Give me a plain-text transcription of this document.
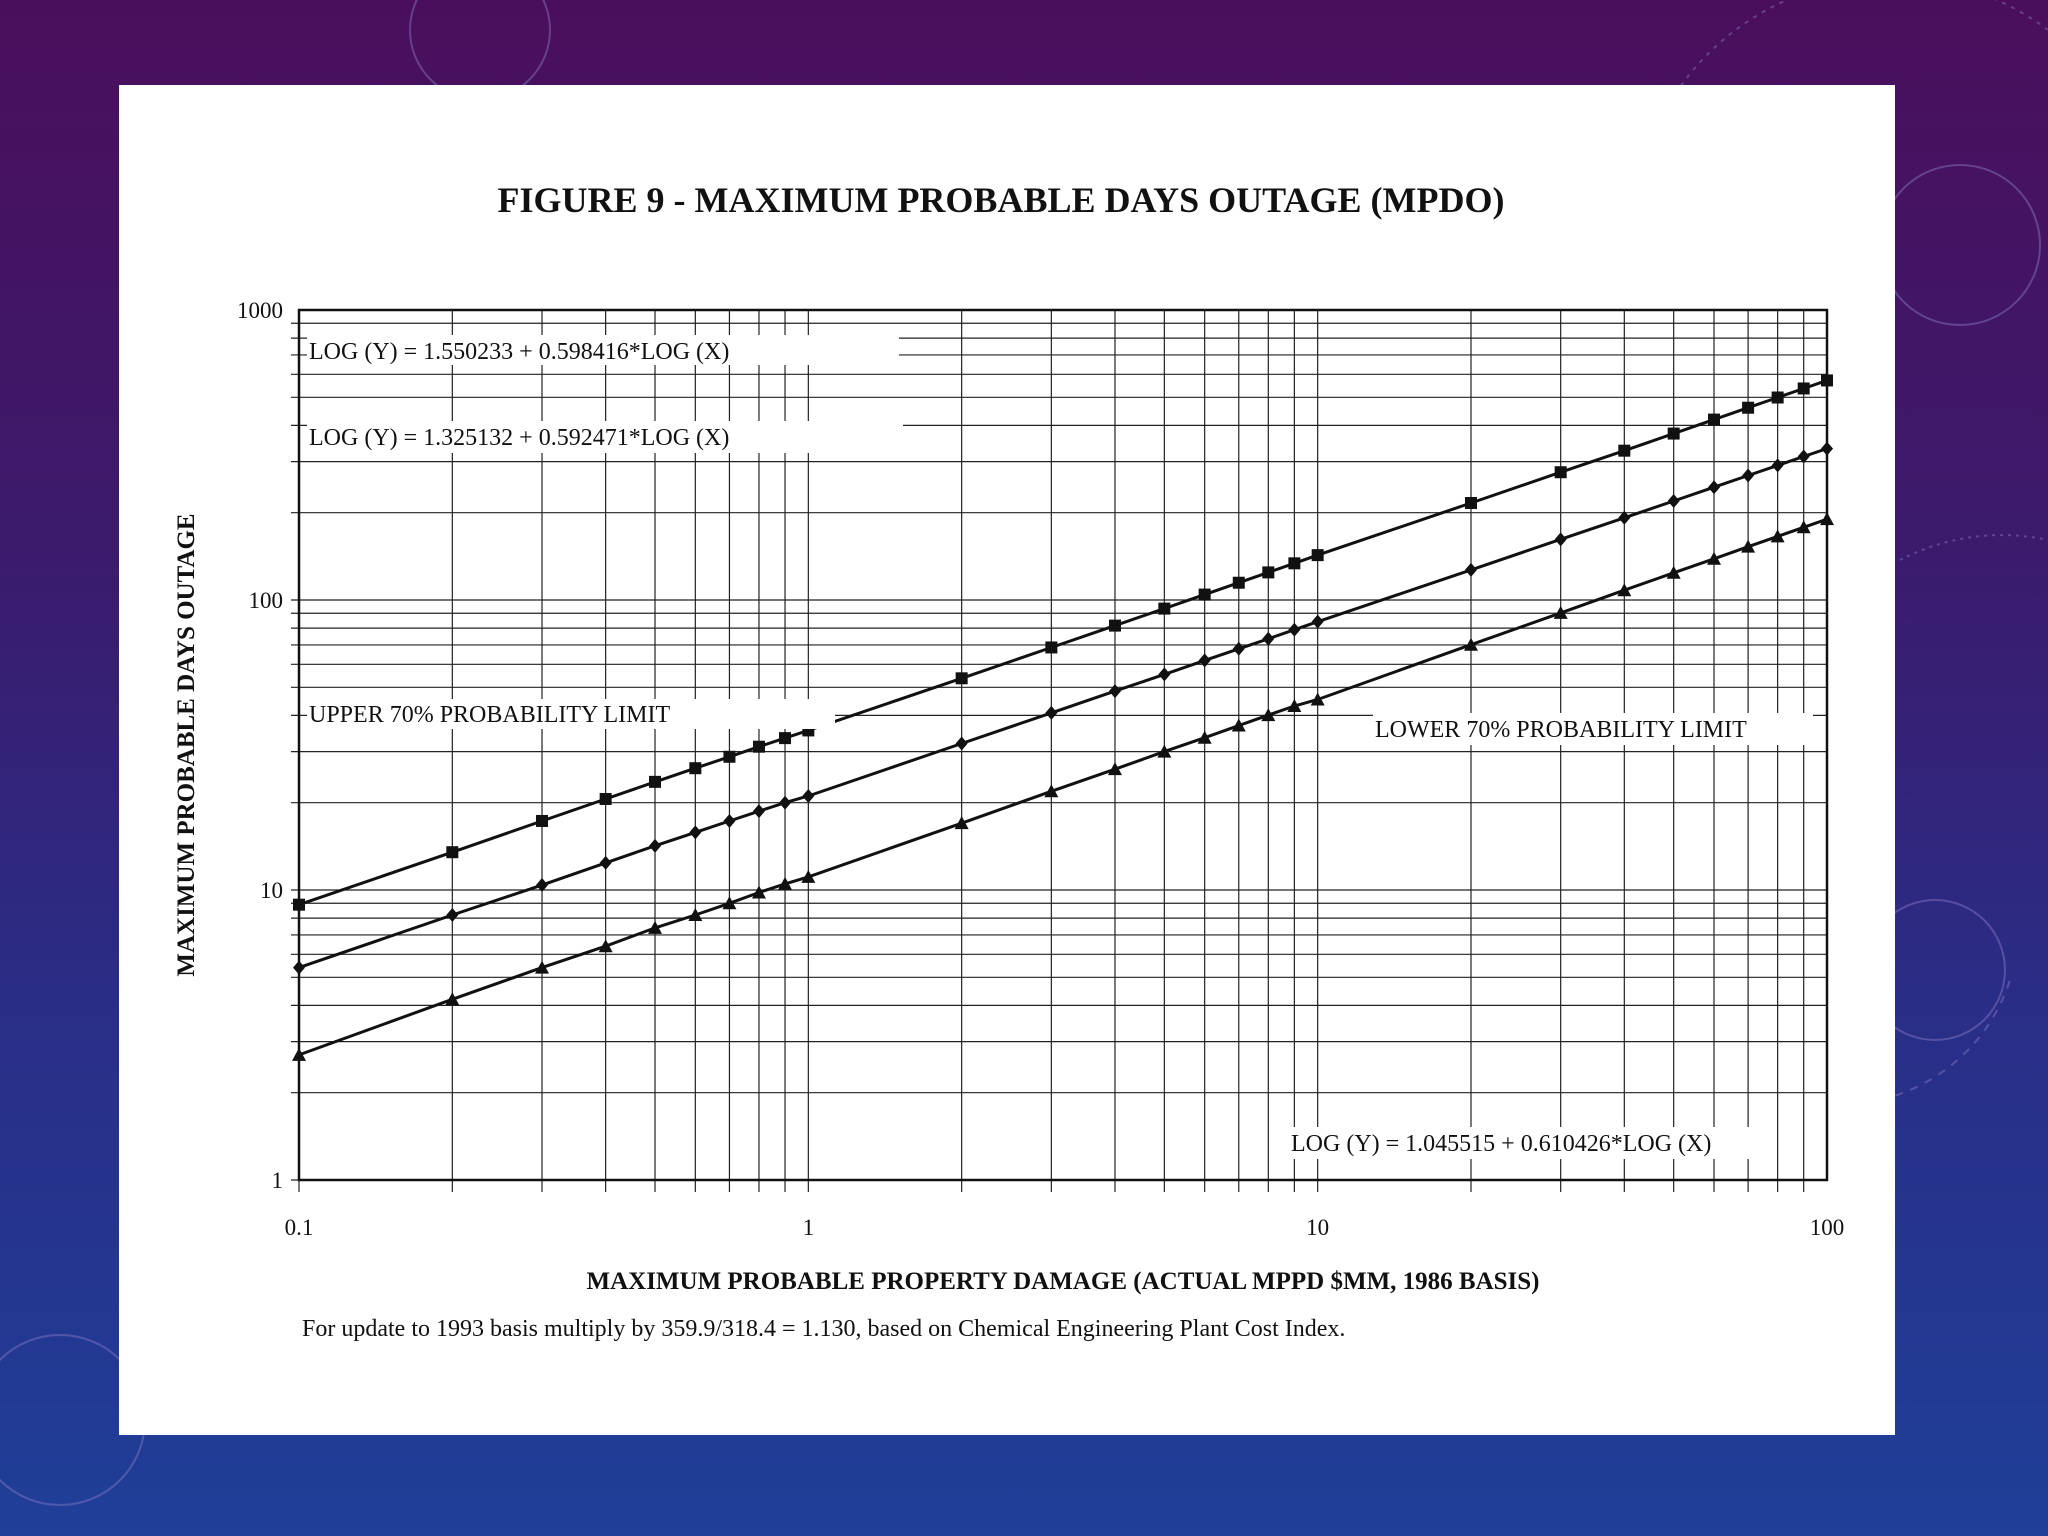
FIGURE 9 - MAXIMUM PROBABLE DAYS OUTAGE (MPDO)
0.1	1	10	100
1
10
100
1000
MAXIMUM PROBABLE DAYS OUTAGE
MAXIMUM PROBABLE PROPERTY DAMAGE (ACTUAL MPPD $MM, 1986 BASIS)
LOG (Y) = 1.550233 + 0.598416*LOG (X)
LOG (Y) = 1.325132 + 0.592471*LOG (X)
UPPER 70% PROBABILITY LIMIT
LOWER 70% PROBABILITY LIMIT
LOG (Y) = 1.045515 + 0.610426*LOG (X)
For update to 1993 basis multiply by 359.9/318.4 = 1.130, based on Chemical Engineering Plant Cost Index.
